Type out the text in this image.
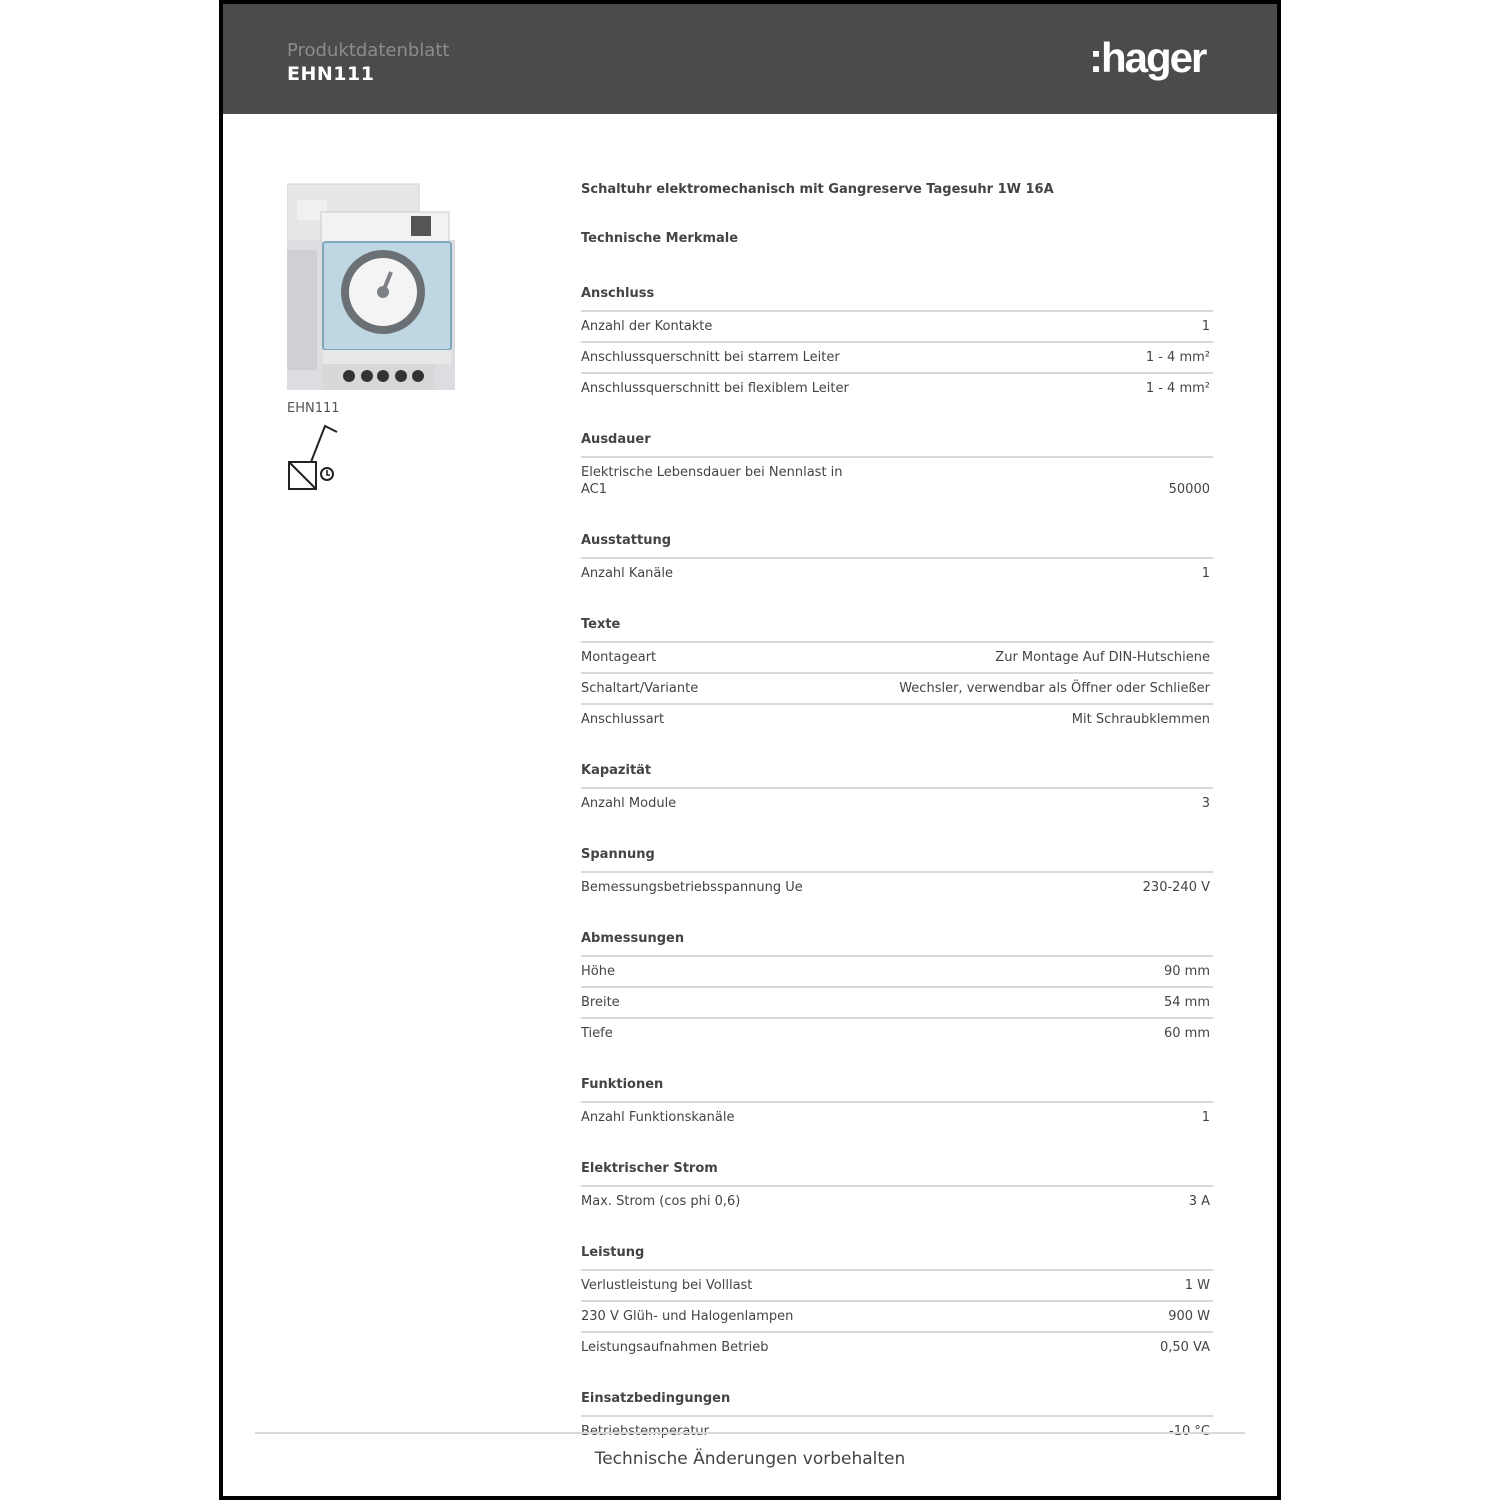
Produktdatenblatt
EHN111	:hager
EHN111
Schaltuhr elektromechanisch mit Gangreserve Tagesuhr 1W 16A
Technische Merkmale
Anschluss
Anzahl der Kontakte	1
Anschlussquerschnitt bei starrem Leiter	1 - 4 mm²
Anschlussquerschnitt bei flexiblem Leiter	1 - 4 mm²
Ausdauer
Elektrische Lebensdauer bei Nennlast in AC1	50000
Ausstattung
Anzahl Kanäle	1
Texte
Montageart	Zur Montage Auf DIN-Hutschiene
Schaltart/Variante	Wechsler, verwendbar als Öffner oder Schließer
Anschlussart	Mit Schraubklemmen
Kapazität
Anzahl Module	3
Spannung
Bemessungsbetriebsspannung Ue	230-240 V
Abmessungen
Höhe	90 mm
Breite	54 mm
Tiefe	60 mm
Funktionen
Anzahl Funktionskanäle	1
Elektrischer Strom
Max. Strom (cos phi 0,6)	3 A
Leistung
Verlustleistung bei Volllast	1 W
230 V Glüh- und Halogenlampen	900 W
Leistungsaufnahmen Betrieb	0,50 VA
Einsatzbedingungen
Technische Änderungen vorbehalten
